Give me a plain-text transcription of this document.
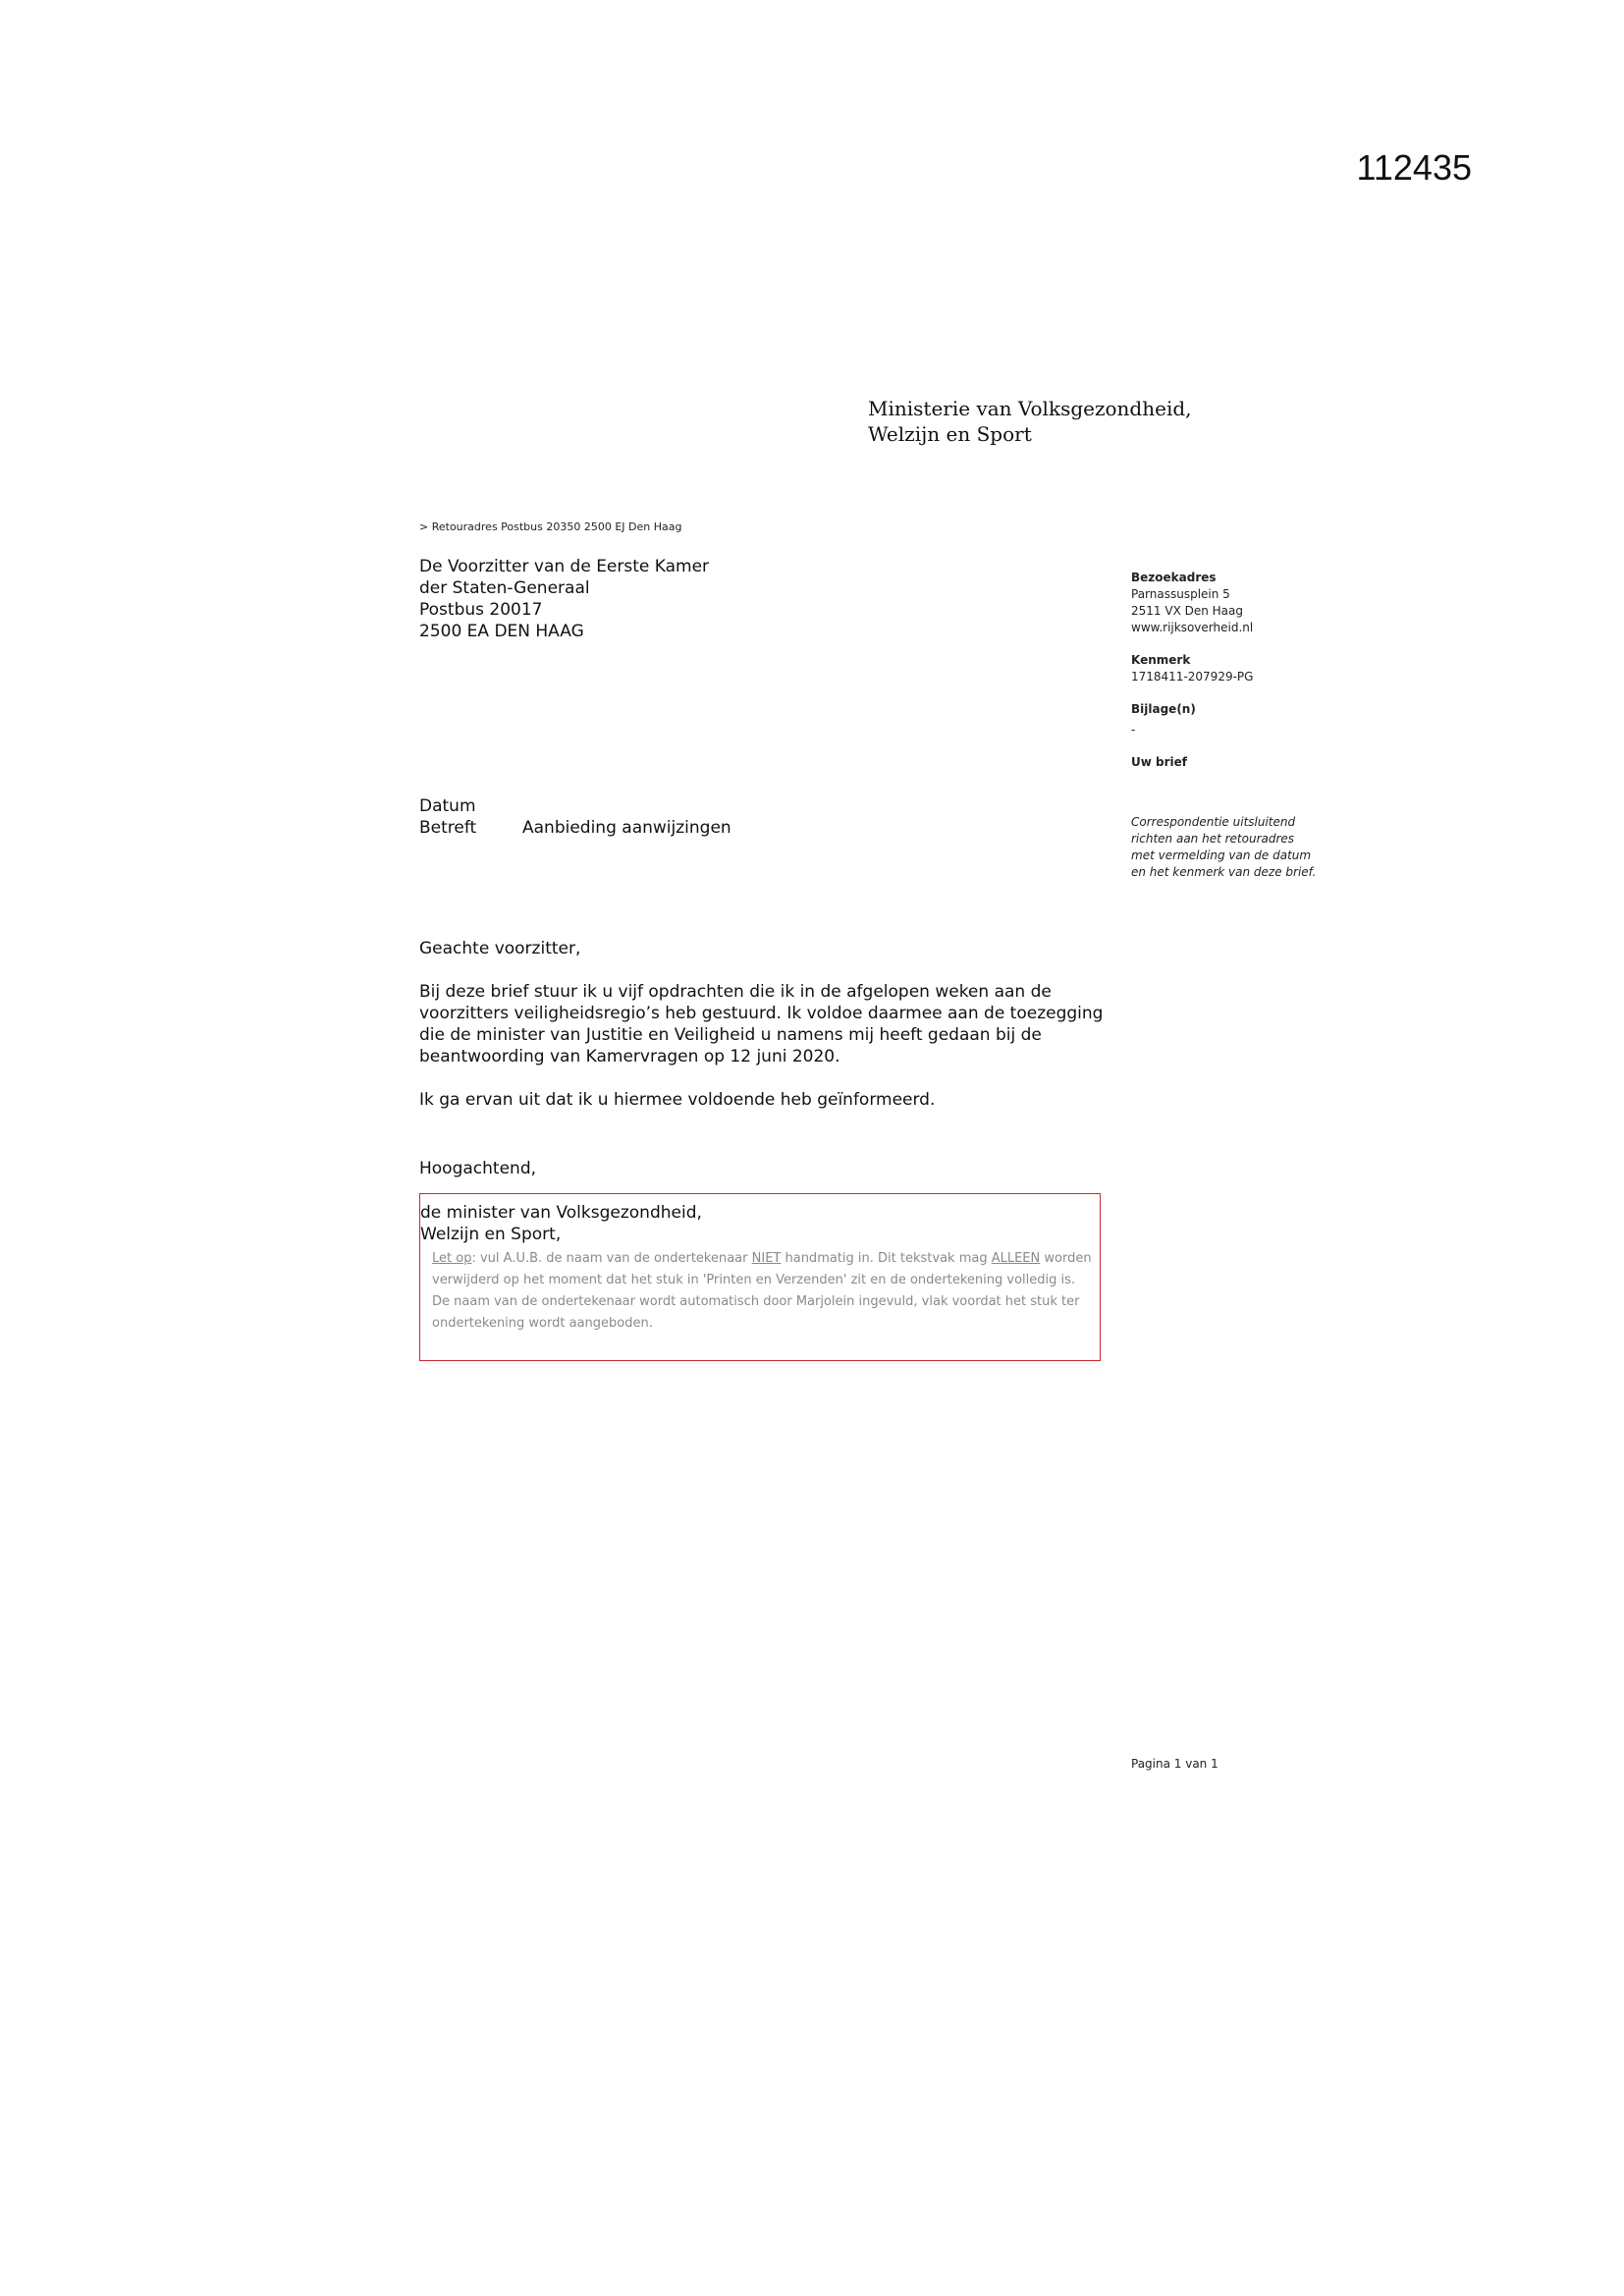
112435
Ministerie van Volksgezondheid,
Welzijn en Sport
> Retouradres Postbus 20350 2500 EJ Den Haag
De Voorzitter van de Eerste Kamer
der Staten-Generaal
Postbus 20017
2500 EA DEN HAAG
Datum
Betreft	Aanbieding aanwijzingen

Geachte voorzitter,

Bij deze brief stuur ik u vijf opdrachten die ik in de afgelopen weken aan de voorzitters veiligheidsregio’s heb gestuurd. Ik voldoe daarmee aan de toezegging die de minister van Justitie en Veiligheid u namens mij heeft gedaan bij de beantwoording van Kamervragen op 12 juni 2020.

Ik ga ervan uit dat ik u hiermee voldoende heb geïnformeerd.

Hoogachtend,
de minister van Volksgezondheid,
Welzijn en Sport,
Let op: vul A.U.B. de naam van de ondertekenaar NIET handmatig in. Dit tekstvak mag ALLEEN worden verwijderd op het moment dat het stuk in 'Printen en Verzenden' zit en de ondertekening volledig is. De naam van de ondertekenaar wordt automatisch door Marjolein ingevuld, vlak voordat het stuk ter ondertekening wordt aangeboden.
Bezoekadres
Parnassusplein 5
2511 VX Den Haag
www.rijksoverheid.nl
Kenmerk
1718411-207929-PG
Bijlage(n)
-
Uw brief
Correspondentie uitsluitend richten aan het retouradres met vermelding van de datum en het kenmerk van deze brief.
Pagina 1 van 1
